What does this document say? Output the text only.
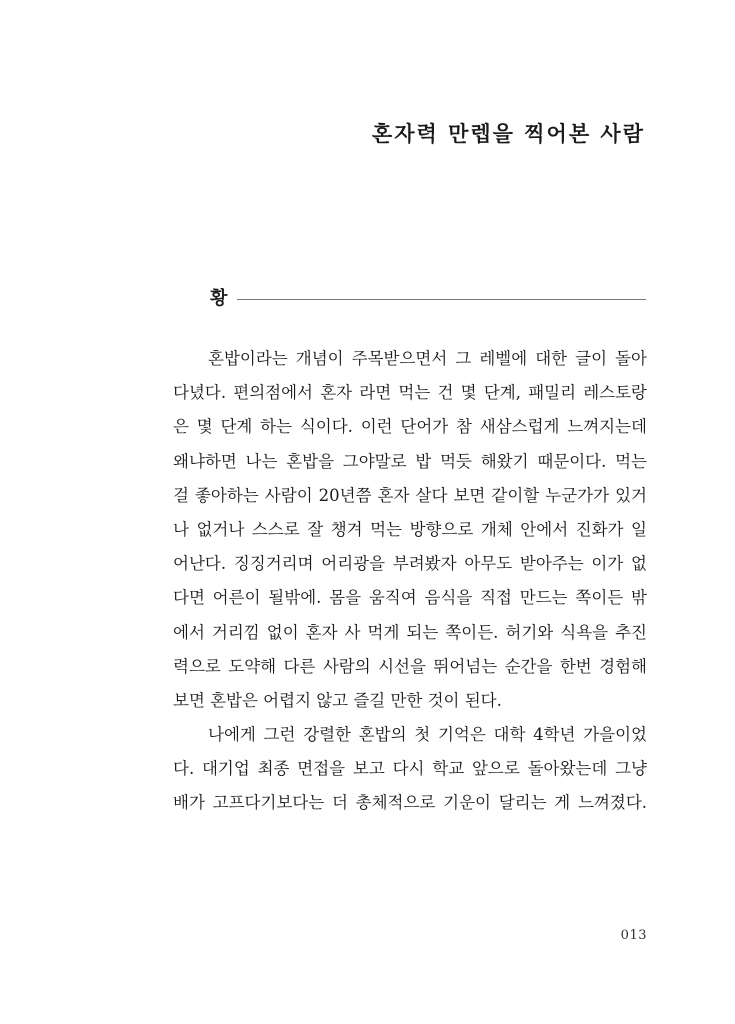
혼자력 만렙을 찍어본 사람
황
혼밥이라는 개념이 주목받으면서 그 레벨에 대한 글이 돌아
다녔다. 편의점에서 혼자 라면 먹는 건 몇 단계, 패밀리 레스토랑
은 몇 단계 하는 식이다. 이런 단어가 참 새삼스럽게 느껴지는데
왜냐하면 나는 혼밥을 그야말로 밥 먹듯 해왔기 때문이다. 먹는
걸 좋아하는 사람이 20년쯤 혼자 살다 보면 같이할 누군가가 있거
나 없거나 스스로 잘 챙겨 먹는 방향으로 개체 안에서 진화가 일
어난다. 징징거리며 어리광을 부려봤자 아무도 받아주는 이가 없
다면 어른이 될밖에. 몸을 움직여 음식을 직접 만드는 쪽이든 밖
에서 거리낌 없이 혼자 사 먹게 되는 쪽이든. 허기와 식욕을 추진
력으로 도약해 다른 사람의 시선을 뛰어넘는 순간을 한번 경험해
보면 혼밥은 어렵지 않고 즐길 만한 것이 된다.
나에게 그런 강렬한 혼밥의 첫 기억은 대학 4학년 가을이었
다. 대기업 최종 면접을 보고 다시 학교 앞으로 돌아왔는데 그냥
배가 고프다기보다는 더 총체적으로 기운이 달리는 게 느껴졌다.
013
